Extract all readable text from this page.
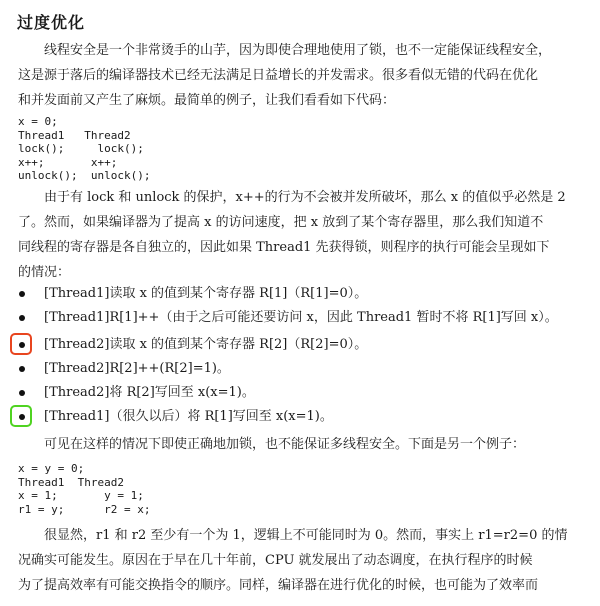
过度优化

线程安全是一个非常烫手的山芋，因为即使合理地使用了锁，也不一定能保证线程安全，

这是源于落后的编译器技术已经无法满足日益增长的并发需求。很多看似无错的代码在优化

和并发面前又产生了麻烦。最简单的例子，让我们看看如下代码：

x = 0;
Thread1   Thread2
lock();     lock();
x++;       x++;
unlock();  unlock();

由于有 lock 和 unlock 的保护，x++的行为不会被并发所破坏，那么 x 的值似乎必然是 2

了。然而，如果编译器为了提高 x 的访问速度，把 x 放到了某个寄存器里，那么我们知道不

同线程的寄存器是各自独立的，因此如果 Thread1 先获得锁，则程序的执行可能会呈现如下

的情况：

[Thread1]读取 x 的值到某个寄存器 R[1]（R[1]=0）。
[Thread1]R[1]++（由于之后可能还要访问 x，因此 Thread1 暂时不将 R[1]写回 x）。
[Thread2]读取 x 的值到某个寄存器 R[2]（R[2]=0）。
[Thread2]R[2]++(R[2]=1)。
[Thread2]将 R[2]写回至 x(x=1)。
[Thread1]（很久以后）将 R[1]写回至 x(x=1)。

可见在这样的情况下即使正确地加锁，也不能保证多线程安全。下面是另一个例子：

x = y = 0;
Thread1  Thread2
x = 1;       y = 1;
r1 = y;      r2 = x;

很显然，r1 和 r2 至少有一个为 1，逻辑上不可能同时为 0。然而，事实上 r1=r2=0 的情

况确实可能发生。原因在于早在几十年前，CPU 就发展出了动态调度，在执行程序的时候

为了提高效率有可能交换指令的顺序。同样，编译器在进行优化的时候，也可能为了效率而
